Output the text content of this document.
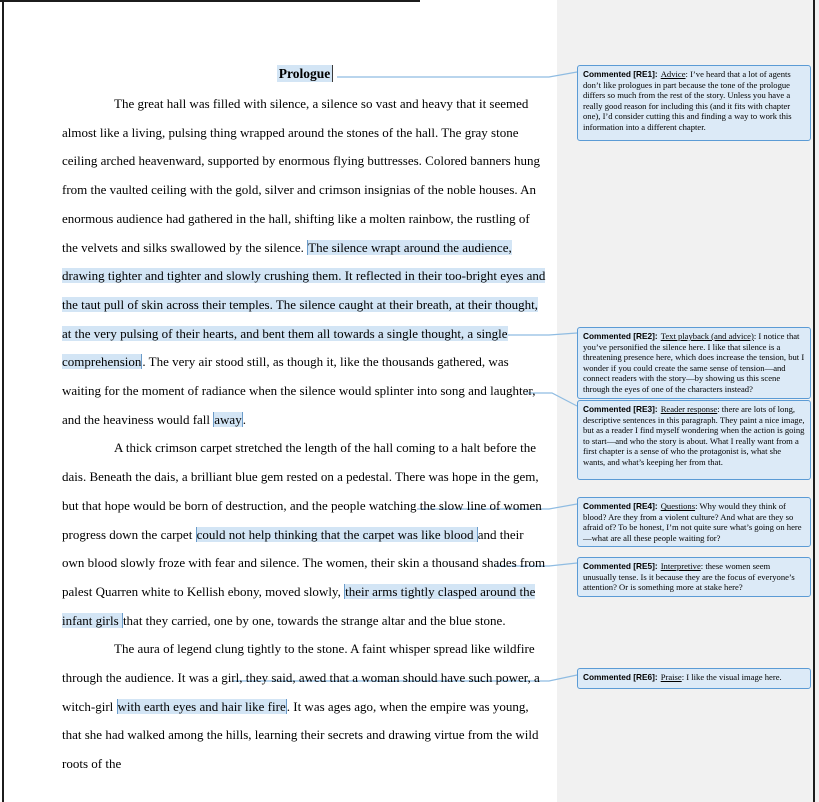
Prologue

The great hall was filled with silence, a silence so vast and heavy that it seemed almost like a living, pulsing thing wrapped around the stones of the hall. The gray stone ceiling arched heavenward, supported by enormous flying buttresses. Colored banners hung from the vaulted ceiling with the gold, silver and crimson insignias of the noble houses. An enormous audience had gathered in the hall, shifting like a molten rainbow, the rustling of the velvets and silks swallowed by the silence. The silence wrapt around the audience, drawing tighter and tighter and slowly crushing them. It reflected in their too-bright eyes and the taut pull of skin across their temples. The silence caught at their breath, at their thought, at the very pulsing of their hearts, and bent them all towards a single thought, a single comprehension. The very air stood still, as though it, like the thousands gathered, was waiting for the moment of radiance when the silence would splinter into song and laughter, and the heaviness would fall away.

A thick crimson carpet stretched the length of the hall coming to a halt before the dais. Beneath the dais, a brilliant blue gem rested on a pedestal. There was hope in the gem, but that hope would be born of destruction, and the people watching the slow line of women progress down the carpet could not help thinking that the carpet was like blood and their own blood slowly froze with fear and silence. The women, their skin a thousand shades from palest Quarren white to Kellish ebony, moved slowly, their arms tightly clasped around the infant girls that they carried, one by one, towards the strange altar and the blue stone.

The aura of legend clung tightly to the stone. A faint whisper spread like wildfire through the audience. It was a girl, they said, awed that a woman should have such power, a witch-girl with earth eyes and hair like fire. It was ages ago, when the empire was young, that she had walked among the hills, learning their secrets and drawing virtue from the wild roots of the

Commented [RE1]: Advice: I’ve heard that a lot of agents don’t like prologues in part because the tone of the prologue differs so much from the rest of the story. Unless you have a really good reason for including this (and it fits with chapter one), I’d consider cutting this and finding a way to work this information into a different chapter.
Commented [RE2]: Text playback (and advice): I notice that you’ve personified the silence here. I like that silence is a threatening presence here, which does increase the tension, but I wonder if you could create the same sense of tension—and connect readers with the story—by showing us this scene through the eyes of one of the characters instead?
Commented [RE3]: Reader response: there are lots of long, descriptive sentences in this paragraph. They paint a nice image, but as a reader I find myself wondering when the action is going to start—and who the story is about. What I really want from a first chapter is a sense of who the protagonist is, what she wants, and what’s keeping her from that.
Commented [RE4]: Questions: Why would they think of blood? Are they from a violent culture? And what are they so afraid of? To be honest, I’m not quite sure what’s going on here—what are all these people waiting for?
Commented [RE5]: Interpretive: these women seem unusually tense. Is it because they are the focus of everyone’s attention? Or is something more at stake here?
Commented [RE6]: Praise: I like the visual image here.
